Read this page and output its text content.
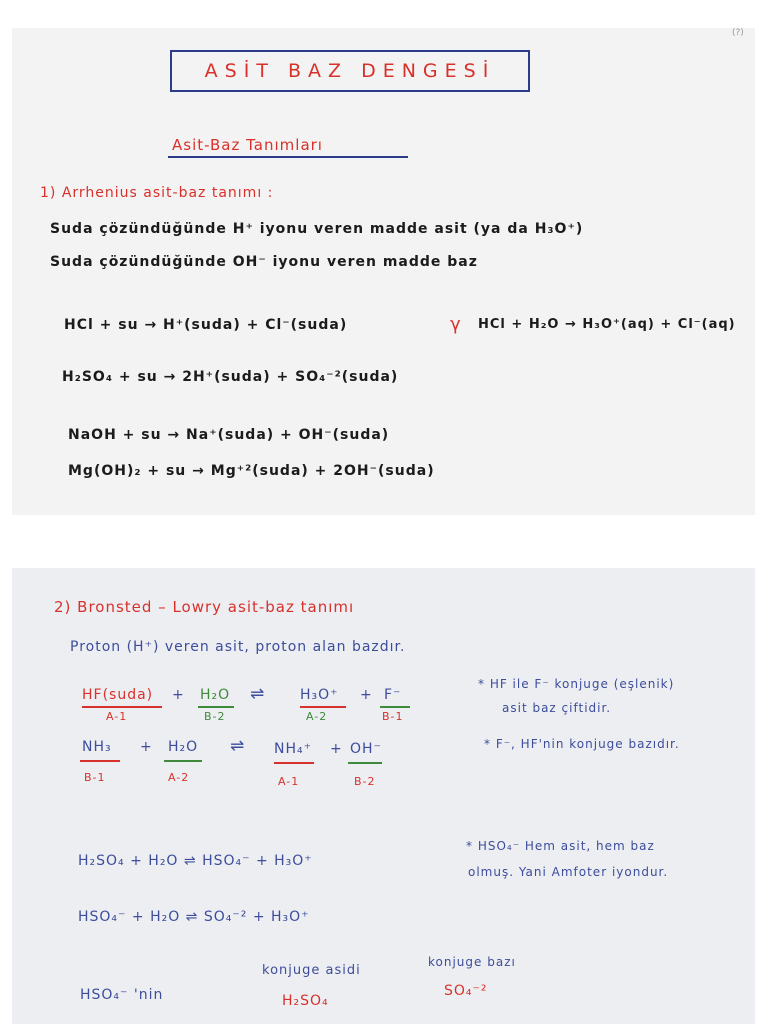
ASİT BAZ DENGESİ
Asit-Baz Tanımları
1) Arrhenius asit-baz tanımı :
Suda çözündüğünde H⁺ iyonu veren madde asit (ya da H₃O⁺)
Suda çözündüğünde OH⁻ iyonu veren madde baz
HCl + su → H⁺(suda) + Cl⁻(suda)	γ HCl + H₂O → H₃O⁺(aq) + Cl⁻(aq)
H₂SO₄ + su → 2H⁺(suda) + SO₄⁻²(suda)
NaOH + su → Na⁺(suda) + OH⁻(suda)
Mg(OH)₂ + su → Mg⁺²(suda) + 2OH⁻(suda)
(?)
2) Bronsted – Lowry asit-baz tanımı
Proton (H⁺) veren asit, proton alan bazdır.
HF(suda) + H₂O ⇌ H₃O⁺ + F⁻
A-1	B-2	A-2	B-1
NH₃ + H₂O ⇌ NH₄⁺ + OH⁻
B-1	A-2	A-1	B-2
* HF ile F⁻ konjuge (eşlenik)
asit baz çiftidir.
* F⁻, HF'nin konjuge bazıdır.
H₂SO₄ + H₂O ⇌ HSO₄⁻ + H₃O⁺
* HSO₄⁻ Hem asit, hem baz
olmuş. Yani Amfoter iyondur.
HSO₄⁻ + H₂O ⇌ SO₄⁻² + H₃O⁺
HSO₄⁻ 'nin
konjuge asidi
H₂SO₄
konjuge bazı
SO₄⁻²
